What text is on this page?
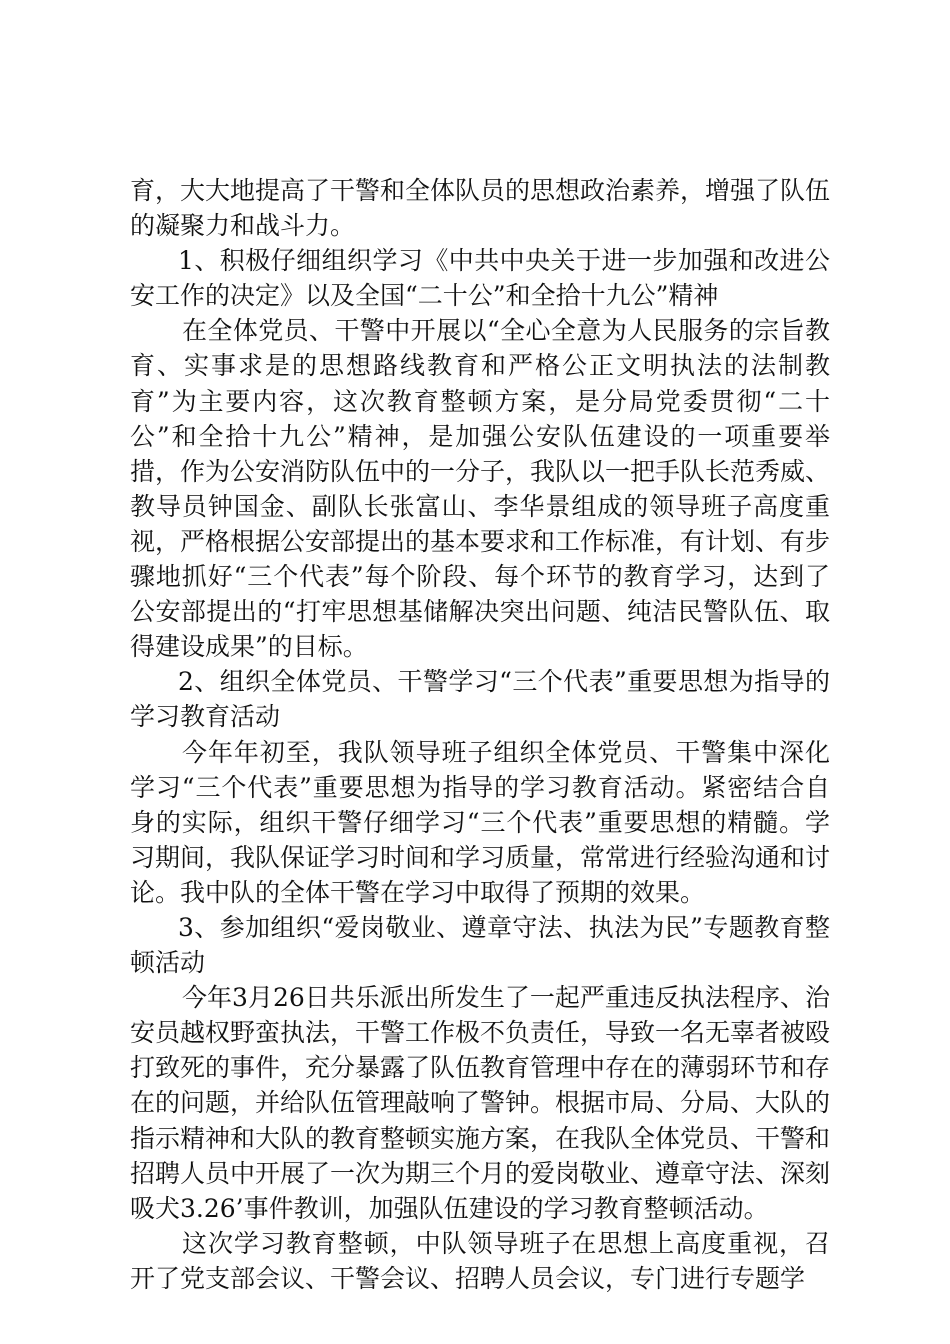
育，大大地提高了干警和全体队员的思想政治素养，增强了队伍的凝聚力和战斗力。

1、积极仔细组织学习《中共中央关于进一步加强和改进公安工作的决定》以及全国“二十公”和全拾十九公”精神

在全体党员、干警中开展以“全心全意为人民服务的宗旨教育、实事求是的思想路线教育和严格公正文明执法的法制教育”为主要内容，这次教育整顿方案，是分局党委贯彻“二十公”和全拾十九公”精神，是加强公安队伍建设的一项重要举措，作为公安消防队伍中的一分子，我队以一把手队长范秀威、教导员钟国金、副队长张富山、李华景组成的领导班子高度重视，严格根据公安部提出的基本要求和工作标准，有计划、有步骤地抓好“三个代表”每个阶段、每个环节的教育学习，达到了公安部提出的“打牢思想基储解决突出问题、纯洁民警队伍、取得建设成果”的目标。

2、组织全体党员、干警学习“三个代表”重要思想为指导的学习教育活动

今年年初至，我队领导班子组织全体党员、干警集中深化学习“三个代表”重要思想为指导的学习教育活动。紧密结合自身的实际，组织干警仔细学习“三个代表”重要思想的精髓。学习期间，我队保证学习时间和学习质量，常常进行经验沟通和讨论。我中队的全体干警在学习中取得了预期的效果。

3、参加组织“爱岗敬业、遵章守法、执法为民”专题教育整顿活动

今年3月26日共乐派出所发生了一起严重违反执法程序、治安员越权野蛮执法，干警工作极不负责任，导致一名无辜者被殴打致死的事件，充分暴露了队伍教育管理中存在的薄弱环节和存在的问题，并给队伍管理敲响了警钟。根据市局、分局、大队的指示精神和大队的教育整顿实施方案，在我队全体党员、干警和招聘人员中开展了一次为期三个月的爱岗敬业、遵章守法、深刻吸犬3.26’事件教训，加强队伍建设的学习教育整顿活动。

这次学习教育整顿，中队领导班子在思想上高度重视，召开了党支部会议、干警会议、招聘人员会议，专门进行专题学
